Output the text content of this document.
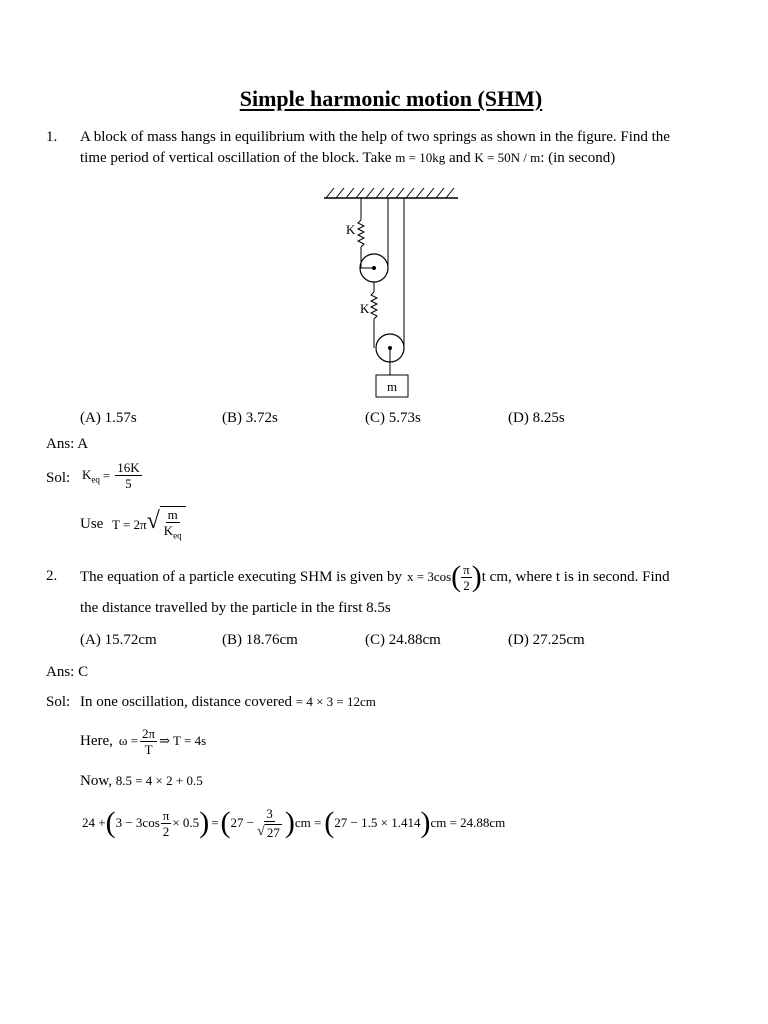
Simple harmonic motion (SHM)
1. A block of mass hangs in equilibrium with the help of two springs as shown in the figure. Find the
time period of vertical oscillation of the block. Take m = 10kg and K = 50N / m: (in second)
K
K
m
(A) 1.57s	(B) 3.72s	(C) 5.73s	(D) 8.25s
Ans: A
Sol: $K_{eq} = \frac{16K}{5}$
Use T = 2π √ $\frac{m}{K_{eq}}$
2. The equation of a particle executing SHM is given by x = 3cos ( $\frac{\pi}{2}$ ) t cm, where t is in second. Find
the distance travelled by the particle in the first 8.5s
(A) 15.72cm	(B) 18.76cm	(C) 24.88cm	(D) 27.25cm
Ans: C
Sol: In one oscillation, distance covered = 4 × 3 = 12cm
Here, $\omega = \frac{2\pi}{T}$ ⇒ T = 4s
Now, 8.5 = 4 × 2 + 0.5
24 + ( $3 - 3\cos \frac{\pi}{2} \times 0.5$ ) = ( $27 - \frac{3}{√ 27}$ ) cm = ( 27 − 1.5 × 1.414 ) cm = 24.88cm
